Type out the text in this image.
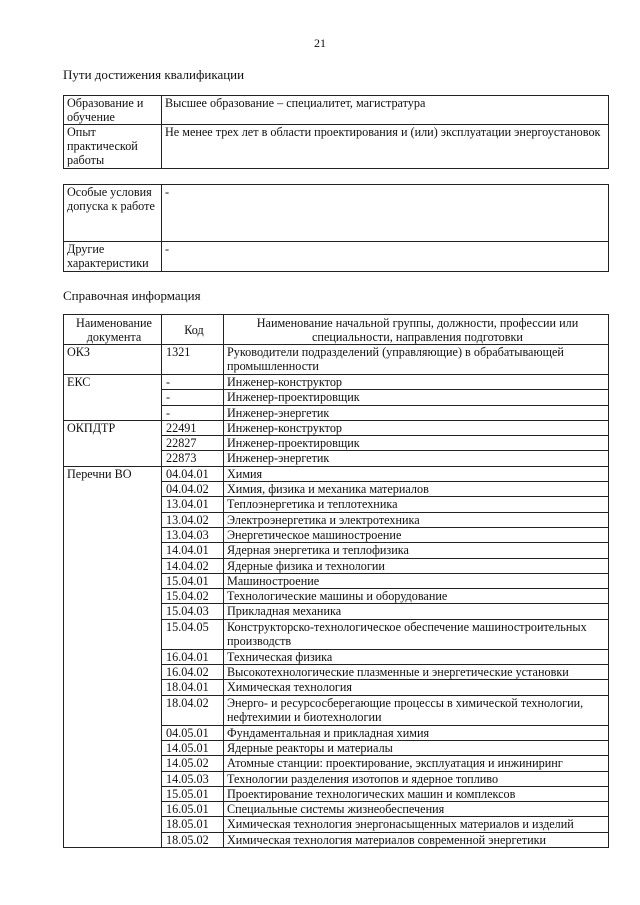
21
Пути достижения квалификации
Образование и обучение	Высшее образование – специалитет, магистратура
Опыт практической работы	Не менее трех лет в области проектирования и (или) эксплуатации энергоустановок
Особые условия допуска к работе	-
Другие характеристики	-
Справочная информация
Наименование документа	Код	Наименование начальной группы, должности, профессии или специальности, направления подготовки
ОКЗ	1321	Руководители подразделений (управляющие) в обрабатывающей промышленности
ЕКС	-	Инженер-конструктор
	-	Инженер-проектировщик
	-	Инженер-энергетик
ОКПДТР	22491	Инженер-конструктор
	22827	Инженер-проектировщик
	22873	Инженер-энергетик
Перечни ВО	04.04.01	Химия
	04.04.02	Химия, физика и механика материалов
	13.04.01	Теплоэнергетика и теплотехника
	13.04.02	Электроэнергетика и электротехника
	13.04.03	Энергетическое машиностроение
	14.04.01	Ядерная энергетика и теплофизика
	14.04.02	Ядерные физика и технологии
	15.04.01	Машиностроение
	15.04.02	Технологические машины и оборудование
	15.04.03	Прикладная механика
	15.04.05	Конструкторско-технологическое обеспечение машиностроительных производств
	16.04.01	Техническая физика
	16.04.02	Высокотехнологические плазменные и энергетические установки
	18.04.01	Химическая технология
	18.04.02	Энерго- и ресурсосберегающие процессы в химической технологии, нефтехимии и биотехнологии
	04.05.01	Фундаментальная и прикладная химия
	14.05.01	Ядерные реакторы и материалы
	14.05.02	Атомные станции: проектирование, эксплуатация и инжиниринг
	14.05.03	Технологии разделения изотопов и ядерное топливо
	15.05.01	Проектирование технологических машин и комплексов
	16.05.01	Специальные системы жизнеобеспечения
	18.05.01	Химическая технология энергонасыщенных материалов и изделий
	18.05.02	Химическая технология материалов современной энергетики
